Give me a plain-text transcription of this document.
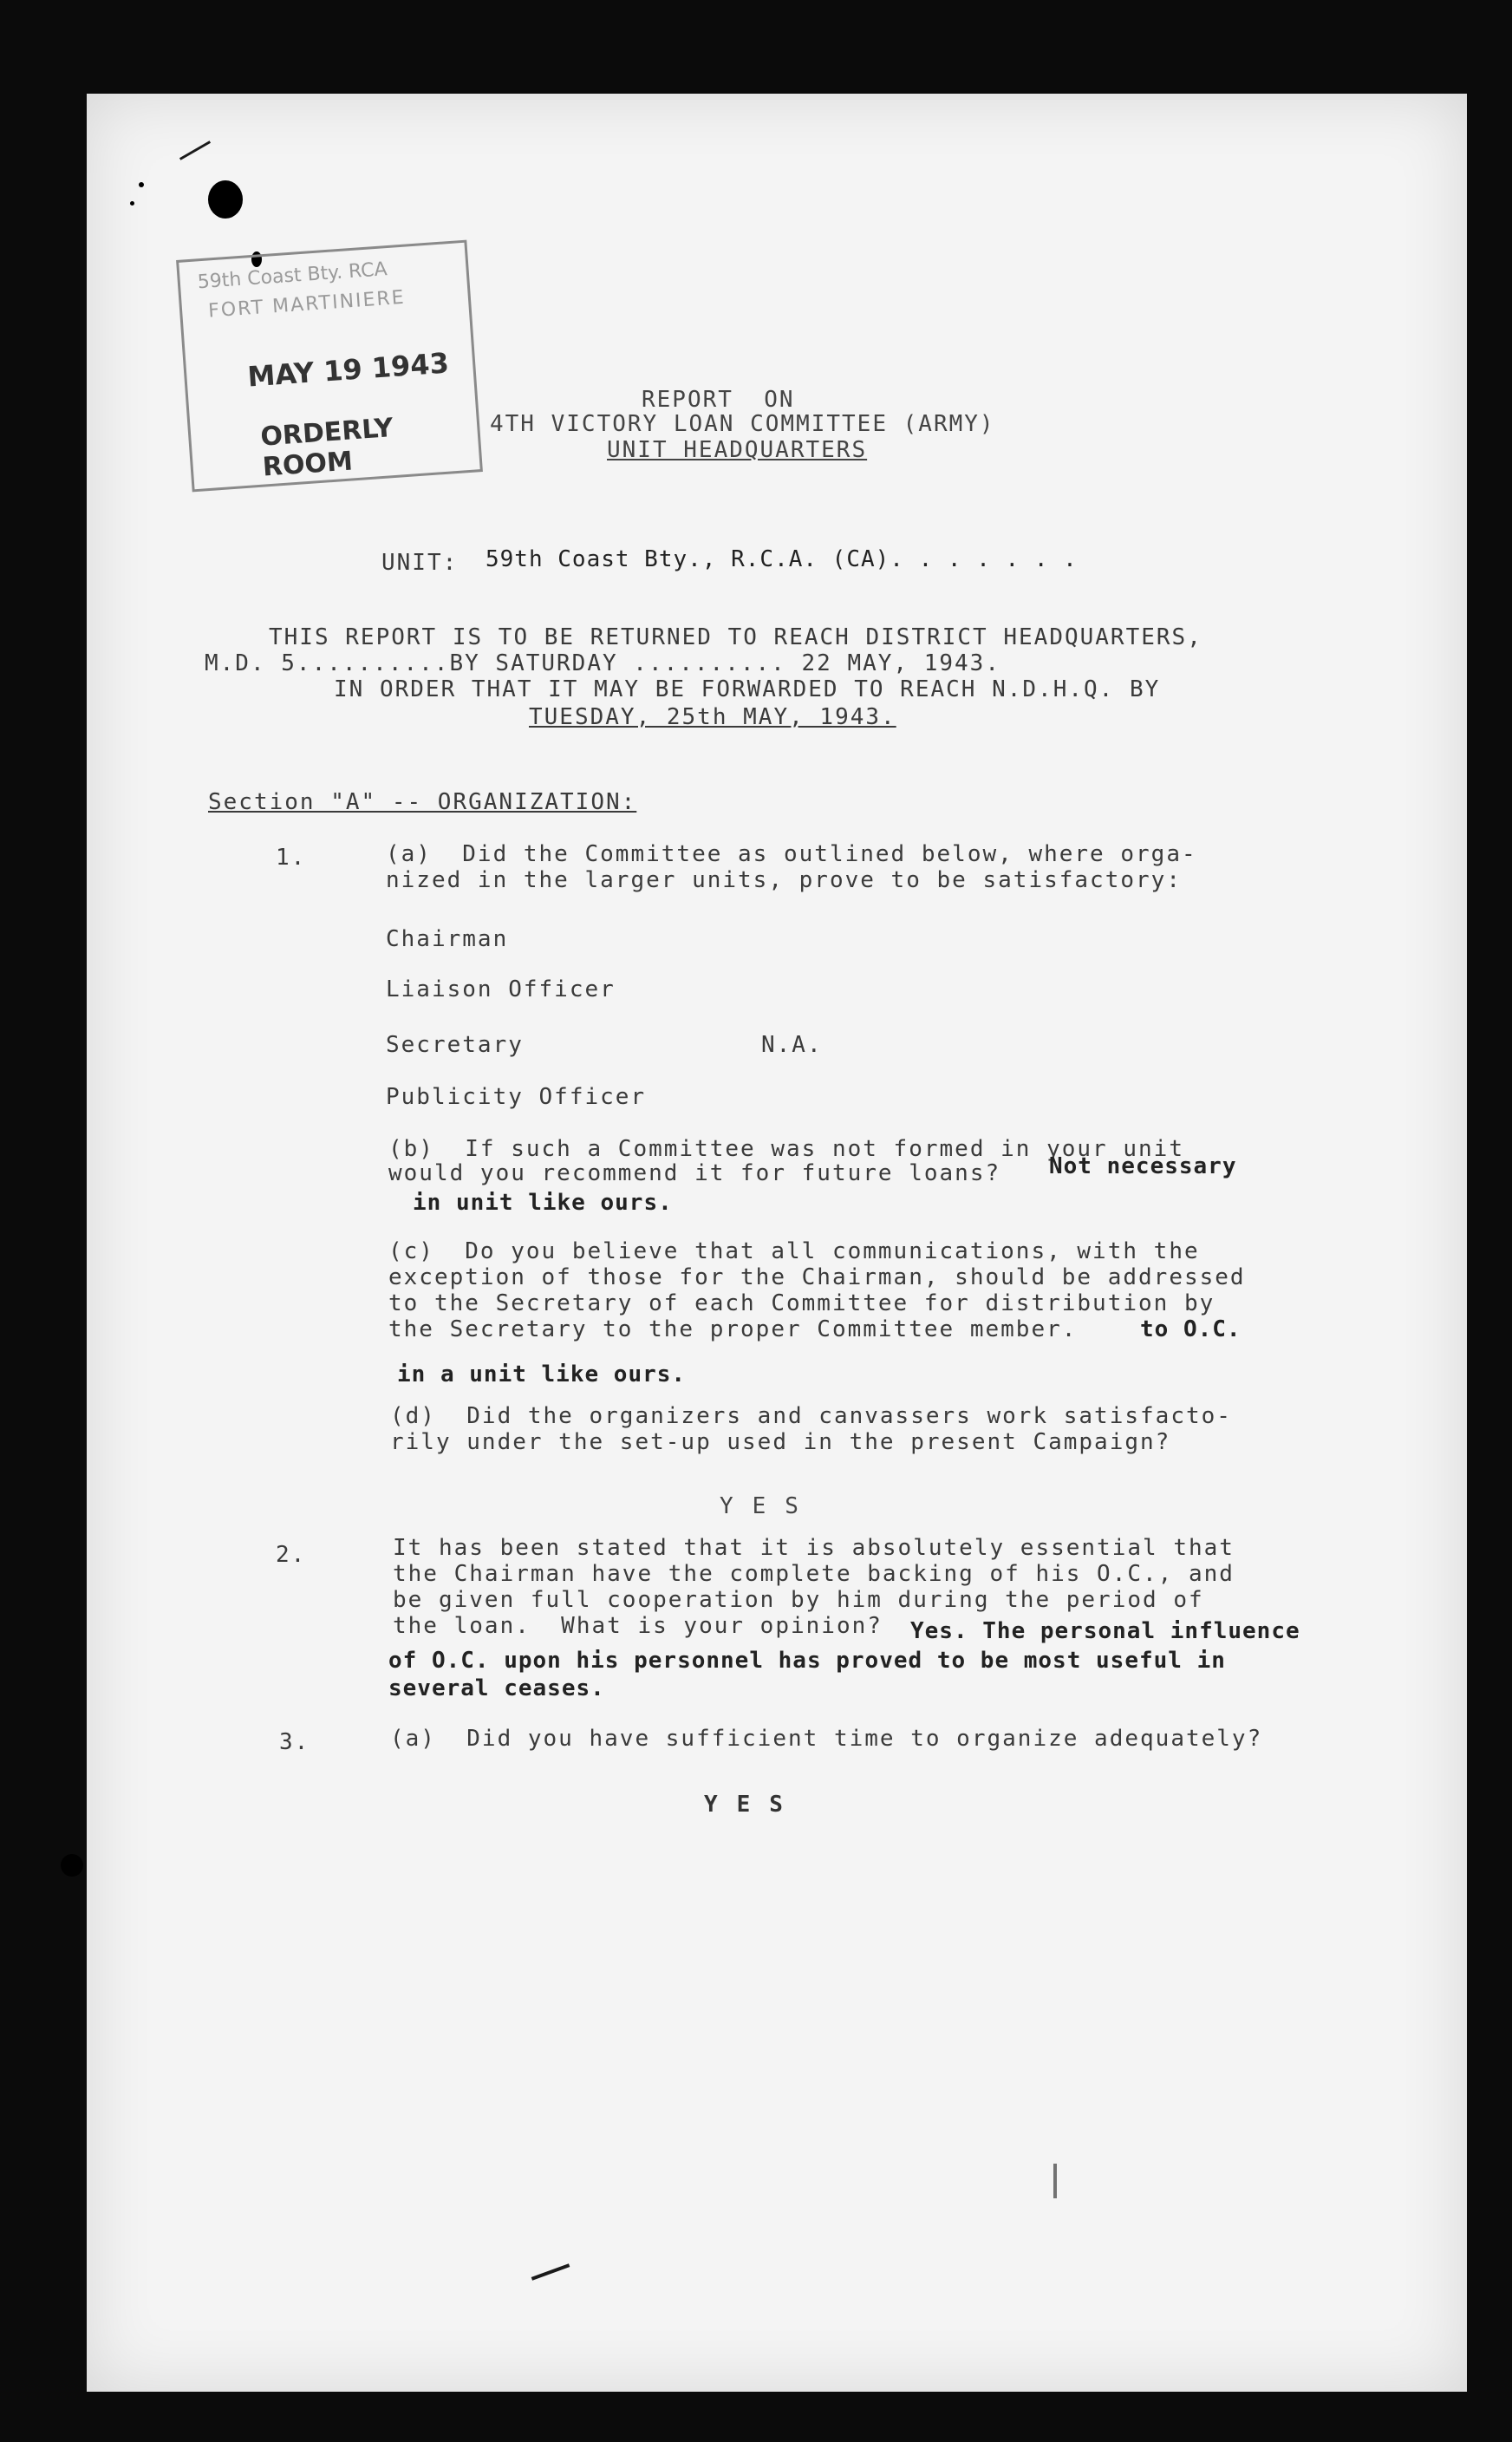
59th Coast Bty. RCA
FORT MARTINIERE
MAY 19 1943
ORDERLY ROOM
REPORT  ON
4TH VICTORY LOAN COMMITTEE (ARMY)
UNIT HEADQUARTERS
UNIT: 59th Coast Bty., R.C.A. (CA). . . . . . .
THIS REPORT IS TO BE RETURNED TO REACH DISTRICT HEADQUARTERS,
M.D. 5..........BY SATURDAY .......... 22 MAY, 1943.
IN ORDER THAT IT MAY BE FORWARDED TO REACH N.D.H.Q. BY
TUESDAY, 25th MAY, 1943.
Section "A" -- ORGANIZATION:
1.	(a)  Did the Committee as outlined below, where orga-
nized in the larger units, prove to be satisfactory:
Chairman
Liaison Officer
Secretary	N.A.
Publicity Officer
(b)  If such a Committee was not formed in your unit
would you recommend it for future loans? Not necessary
in unit like ours.
(c)  Do you believe that all communications, with the
exception of those for the Chairman, should be addressed
to the Secretary of each Committee for distribution by
the Secretary to the proper Committee member.	to O.C.
in a unit like ours.
(d)  Did the organizers and canvassers work satisfacto-
rily under the set-up used in the present Campaign?
YES
2.	It has been stated that it is absolutely essential that
the Chairman have the complete backing of his O.C., and
be given full cooperation by him during the period of
the loan.  What is your opinion? Yes. The personal influence
of O.C. upon his personnel has proved to be most useful in
several ceases.
3.	(a)  Did you have sufficient time to organize adequately?
YES
